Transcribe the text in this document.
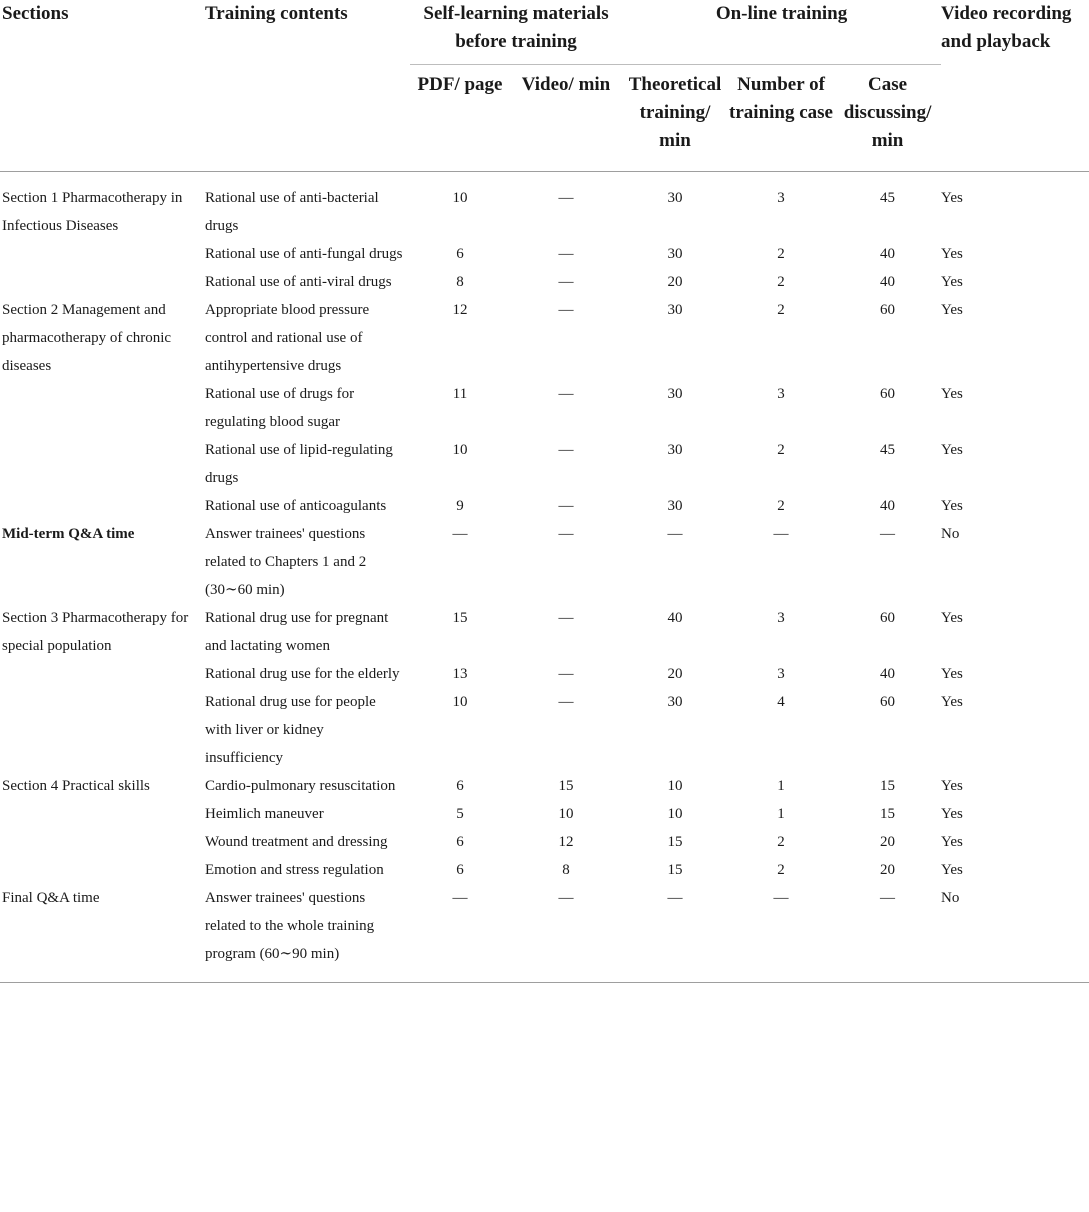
Sections	Training contents	Self-learning materials before training		On-line training			Video recording and playback
		PDF/ page	Video/ min	Theoretical training/ min	Number of training case	Case discussing/ min	

Section 1 Pharmacotherapy in Infectious Diseases	Rational use of anti-bacterial drugs	10	—	30	3	45	Yes
	Rational use of anti-fungal drugs	6	—	30	2	40	Yes
	Rational use of anti-viral drugs	8	—	20	2	40	Yes
Section 2 Management and pharmacotherapy of chronic diseases	Appropriate blood pressure control and rational use of antihypertensive drugs	12	—	30	2	60	Yes
	Rational use of drugs for regulating blood sugar	11	—	30	3	60	Yes
	Rational use of lipid-regulating drugs	10	—	30	2	45	Yes
	Rational use of anticoagulants	9	—	30	2	40	Yes
Mid-term Q&A time	Answer trainees' questions related to Chapters 1 and 2 (30∼60 min)	—	—	—	—	—	No
Section 3 Pharmacotherapy for special population	Rational drug use for pregnant and lactating women	15	—	40	3	60	Yes
	Rational drug use for the elderly	13	—	20	3	40	Yes
	Rational drug use for people with liver or kidney insufficiency	10	—	30	4	60	Yes
Section 4 Practical skills	Cardio-pulmonary resuscitation	6	15	10	1	15	Yes
	Heimlich maneuver	5	10	10	1	15	Yes
	Wound treatment and dressing	6	12	15	2	20	Yes
	Emotion and stress regulation	6	8	15	2	20	Yes
Final Q&A time	Answer trainees' questions related to the whole training program (60∼90 min)	—	—	—	—	—	No
